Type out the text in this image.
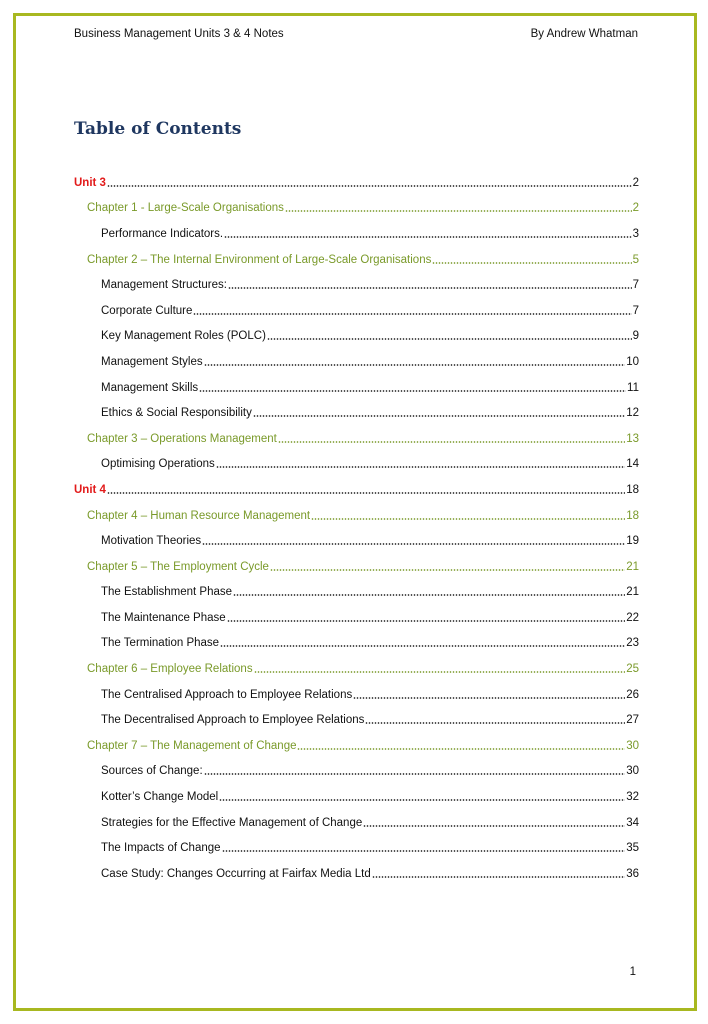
Business Management Units 3 & 4 Notes	By Andrew Whatman
Table of Contents
Unit 3	2
Chapter 1 - Large-Scale Organisations	2
Performance Indicators.	3
Chapter 2 – The Internal Environment of Large-Scale Organisations	5
Management Structures:	7
Corporate Culture	7
Key Management Roles (POLC)	9
Management Styles	10
Management Skills	11
Ethics & Social Responsibility	12
Chapter 3 – Operations Management	13
Optimising Operations	14
Unit 4	18
Chapter 4 – Human Resource Management	18
Motivation Theories	19
Chapter 5 – The Employment Cycle	21
The Establishment Phase	21
The Maintenance Phase	22
The Termination Phase	23
Chapter 6 – Employee Relations	25
The Centralised Approach to Employee Relations	26
The Decentralised Approach to Employee Relations	27
Chapter 7 – The Management of Change	30
Sources of Change:	30
Kotter’s Change Model	32
Strategies for the Effective Management of Change	34
The Impacts of Change	35
Case Study: Changes Occurring at Fairfax Media Ltd	36
1
